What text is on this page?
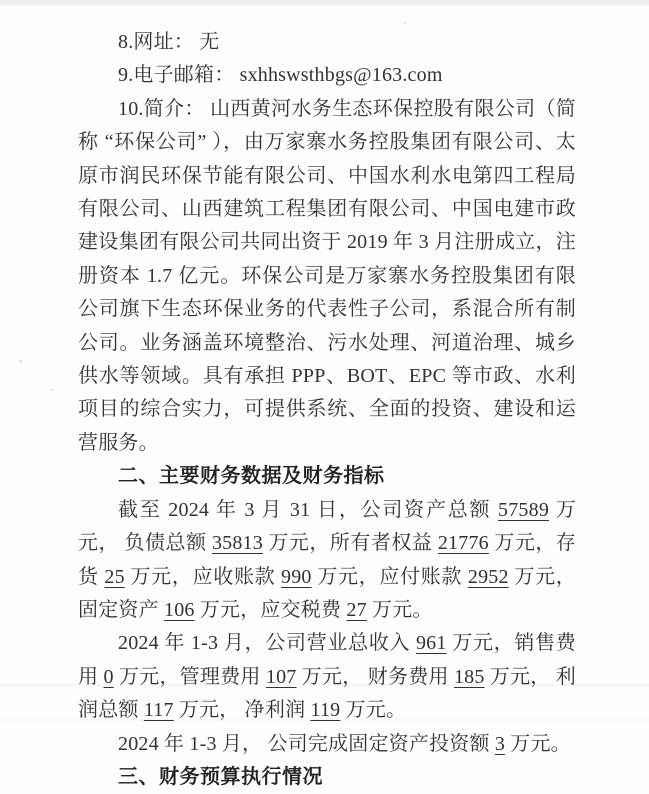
8.网址： 无

9.电子邮箱： sxhhswsthbgs@163.com

10.简介： 山西黄河水务生态环保控股有限公司（简称 “环保公司” ），由万家寨水务控股集团有限公司、太原市润民环保节能有限公司、中国水利水电第四工程局有限公司、山西建筑工程集团有限公司、中国电建市政建设集团有限公司共同出资于 2019 年 3 月注册成立，注册资本 1.7 亿元。环保公司是万家寨水务控股集团有限公司旗下生态环保业务的代表性子公司，系混合所有制公司。业务涵盖环境整治、污水处理、河道治理、城乡供水等领域。具有承担 PPP、BOT、EPC 等市政、水利项目的综合实力，可提供系统、全面的投资、建设和运营服务。

二、主要财务数据及财务指标

截至 2024 年 3 月 31 日，公司资产总额 57589 万元， 负债总额 35813 万元，所有者权益 21776 万元，存货 25 万元，应收账款 990 万元，应付账款 2952 万元，固定资产 106 万元，应交税费 27 万元。

2024 年 1-3 月，公司营业总收入 961 万元，销售费用 0 万元，管理费用 107 万元， 财务费用 185 万元， 利润总额 117 万元， 净利润 119 万元。

2024 年 1-3 月， 公司完成固定资产投资额 3 万元。

三、财务预算执行情况
